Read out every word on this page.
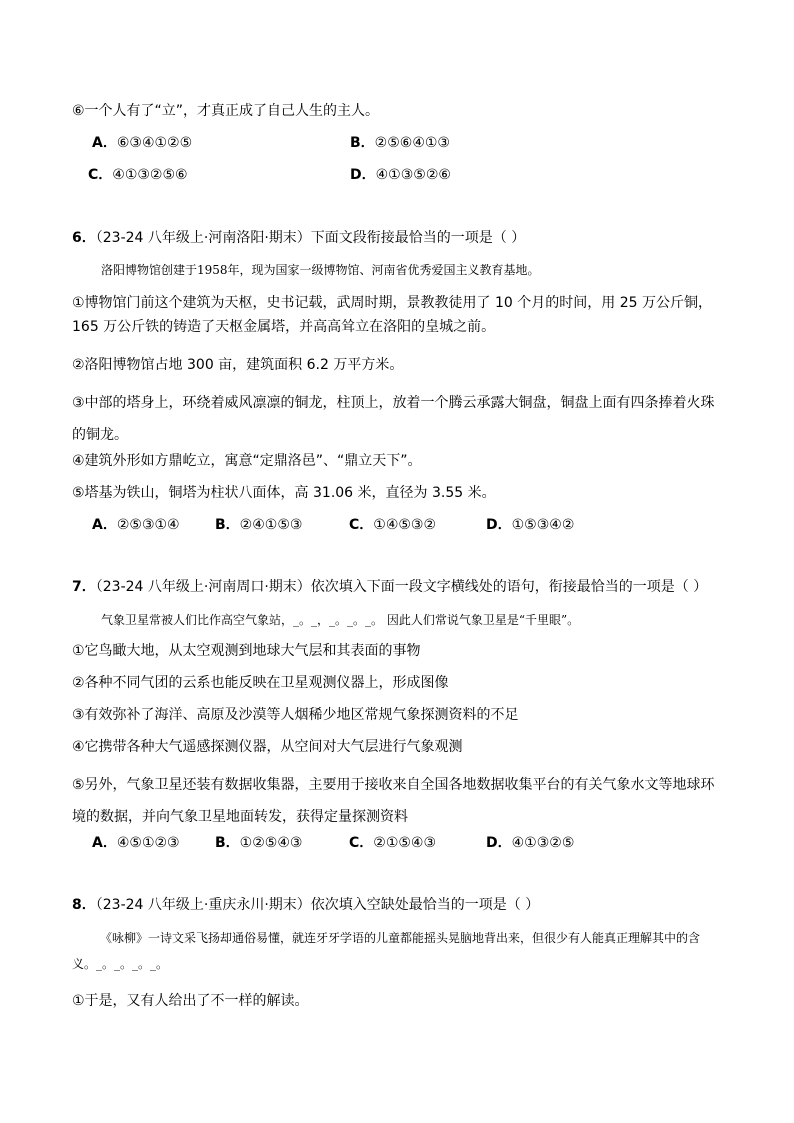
⑥一个人有了“立”，才真正成了自己人生的主人。
A．⑥③④①②⑤	B．②⑤⑥④①③
C．④①③②⑤⑥	D．④①③⑤②⑥
6．（23-24 八年级上·河南洛阳·期末）下面文段衔接最恰当的一项是（ ）
洛阳博物馆创建于1958年，现为国家一级博物馆、河南省优秀爱国主义教育基地。
①博物馆门前这个建筑为天枢，史书记载，武周时期，景教教徒用了 10 个月的时间，用 25 万公斤铜，165 万公斤铁的铸造了天枢金属塔，并高高耸立在洛阳的皇城之前。
②洛阳博物馆占地 300 亩，建筑面积 6.2 万平方米。
③中部的塔身上，环绕着威风凛凛的铜龙，柱顶上，放着一个腾云承露大铜盘，铜盘上面有四条捧着火珠的铜龙。
④建筑外形如方鼎屹立，寓意“定鼎洛邑”、“鼎立天下”。
⑤塔基为铁山，铜塔为柱状八面体，高 31.06 米，直径为 3.55 米。
A．②⑤③①④	B．②④①⑤③	C．①④⑤③②	D．①⑤③④②
7．（23-24 八年级上·河南周口·期末）依次填入下面一段文字横线处的语句，衔接最恰当的一项是（ ）
气象卫星常被人们比作高空气象站，_。_，_。_。_。 因此人们常说气象卫星是“千里眼”。
①它鸟瞰大地，从太空观测到地球大气层和其表面的事物
②各种不同气团的云系也能反映在卫星观测仪器上，形成图像
③有效弥补了海洋、高原及沙漠等人烟稀少地区常规气象探测资料的不足
④它携带各种大气遥感探测仪器，从空间对大气层进行气象观测
⑤另外，气象卫星还装有数据收集器，主要用于接收来自全国各地数据收集平台的有关气象水文等地球环境的数据，并向气象卫星地面转发，获得定量探测资料
A．④⑤①②③	B．①②⑤④③	C．②①⑤④③	D．④①③②⑤
8．（23-24 八年级上·重庆永川·期末）依次填入空缺处最恰当的一项是（ ）
《咏柳》一诗文采飞扬却通俗易懂，就连牙牙学语的儿童都能摇头晃脑地背出来，但很少有人能真正理解其中的含义。_。_。_。_。
①于是，又有人给出了不一样的解读。
